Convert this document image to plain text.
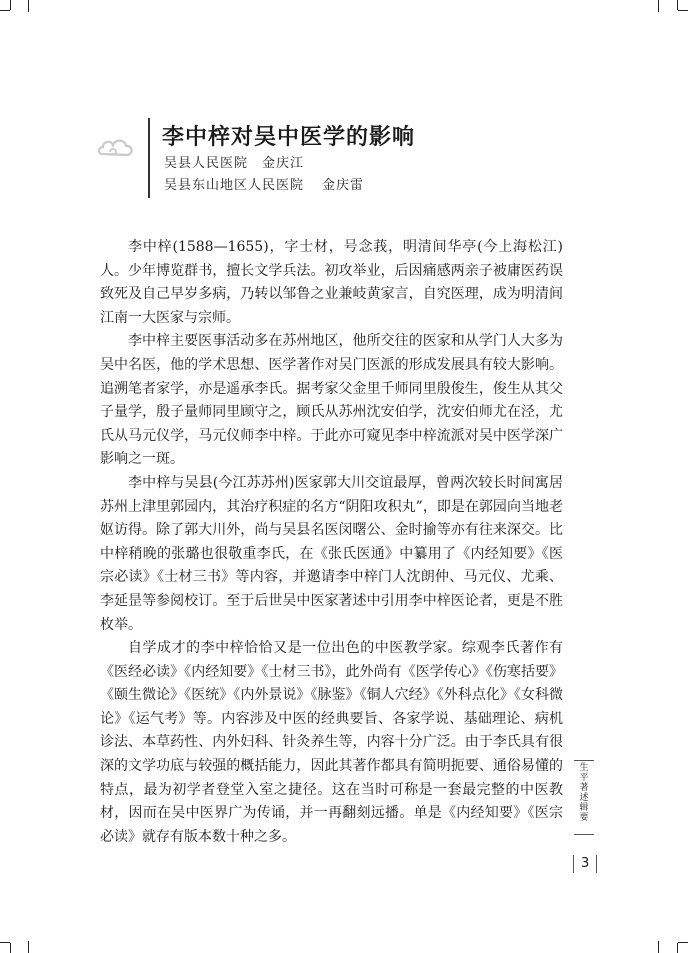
李中梓对吴中医学的影响
吴县人民医院 金庆江
吴县东山地区人民医院 金庆雷

李中梓(1588—1655)，字士材，号念莪，明清间华亭(今上海松江)人。少年博览群书，擅长文学兵法。初攻举业，后因痛感两亲子被庸医药误致死及自己早岁多病，乃转以邹鲁之业兼岐黄家言，自究医理，成为明清间江南一大医家与宗师。

李中梓主要医事活动多在苏州地区，他所交往的医家和从学门人大多为吴中名医，他的学术思想、医学著作对吴门医派的形成发展具有较大影响。追溯笔者家学，亦是遥承李氏。据考家父金里千师同里殷俊生，俊生从其父子量学，殷子量师同里顾守之，顾氏从苏州沈安伯学，沈安伯师尤在泾，尤氏从马元仪学，马元仪师李中梓。于此亦可窥见李中梓流派对吴中医学深广影响之一斑。

李中梓与吴县(今江苏苏州)医家郭大川交谊最厚，曾两次较长时间寓居苏州上津里郭园内，其治疗积症的名方“阴阳攻积丸”，即是在郭园向当地老妪访得。除了郭大川外，尚与吴县名医闵曙公、金时揄等亦有往来深交。比中梓稍晚的张璐也很敬重李氏，在《张氏医通》中纂用了《内经知要》《医宗必读》《士材三书》等内容，并邀请李中梓门人沈朗仲、马元仪、尤乘、李延昰等参阅校订。至于后世吴中医家著述中引用李中梓医论者，更是不胜枚举。

自学成才的李中梓恰恰又是一位出色的中医教学家。综观李氏著作有《医经必读》《内经知要》《士材三书》，此外尚有《医学传心》《伤寒括要》《颐生微论》《医统》《内外景说》《脉鉴》《铜人穴经》《外科点化》《女科微论》《运气考》等。内容涉及中医的经典要旨、各家学说、基础理论、病机诊法、本草药性、内外妇科、针灸养生等，内容十分广泛。由于李氏具有很深的文学功底与较强的概括能力，因此其著作都具有简明扼要、通俗易懂的特点，最为初学者登堂入室之捷径。这在当时可称是一套最完整的中医教材，因而在吴中医界广为传诵，并一再翻刻远播。单是《内经知要》《医宗必读》就存有版本数十种之多。

生平著述辑要
3
